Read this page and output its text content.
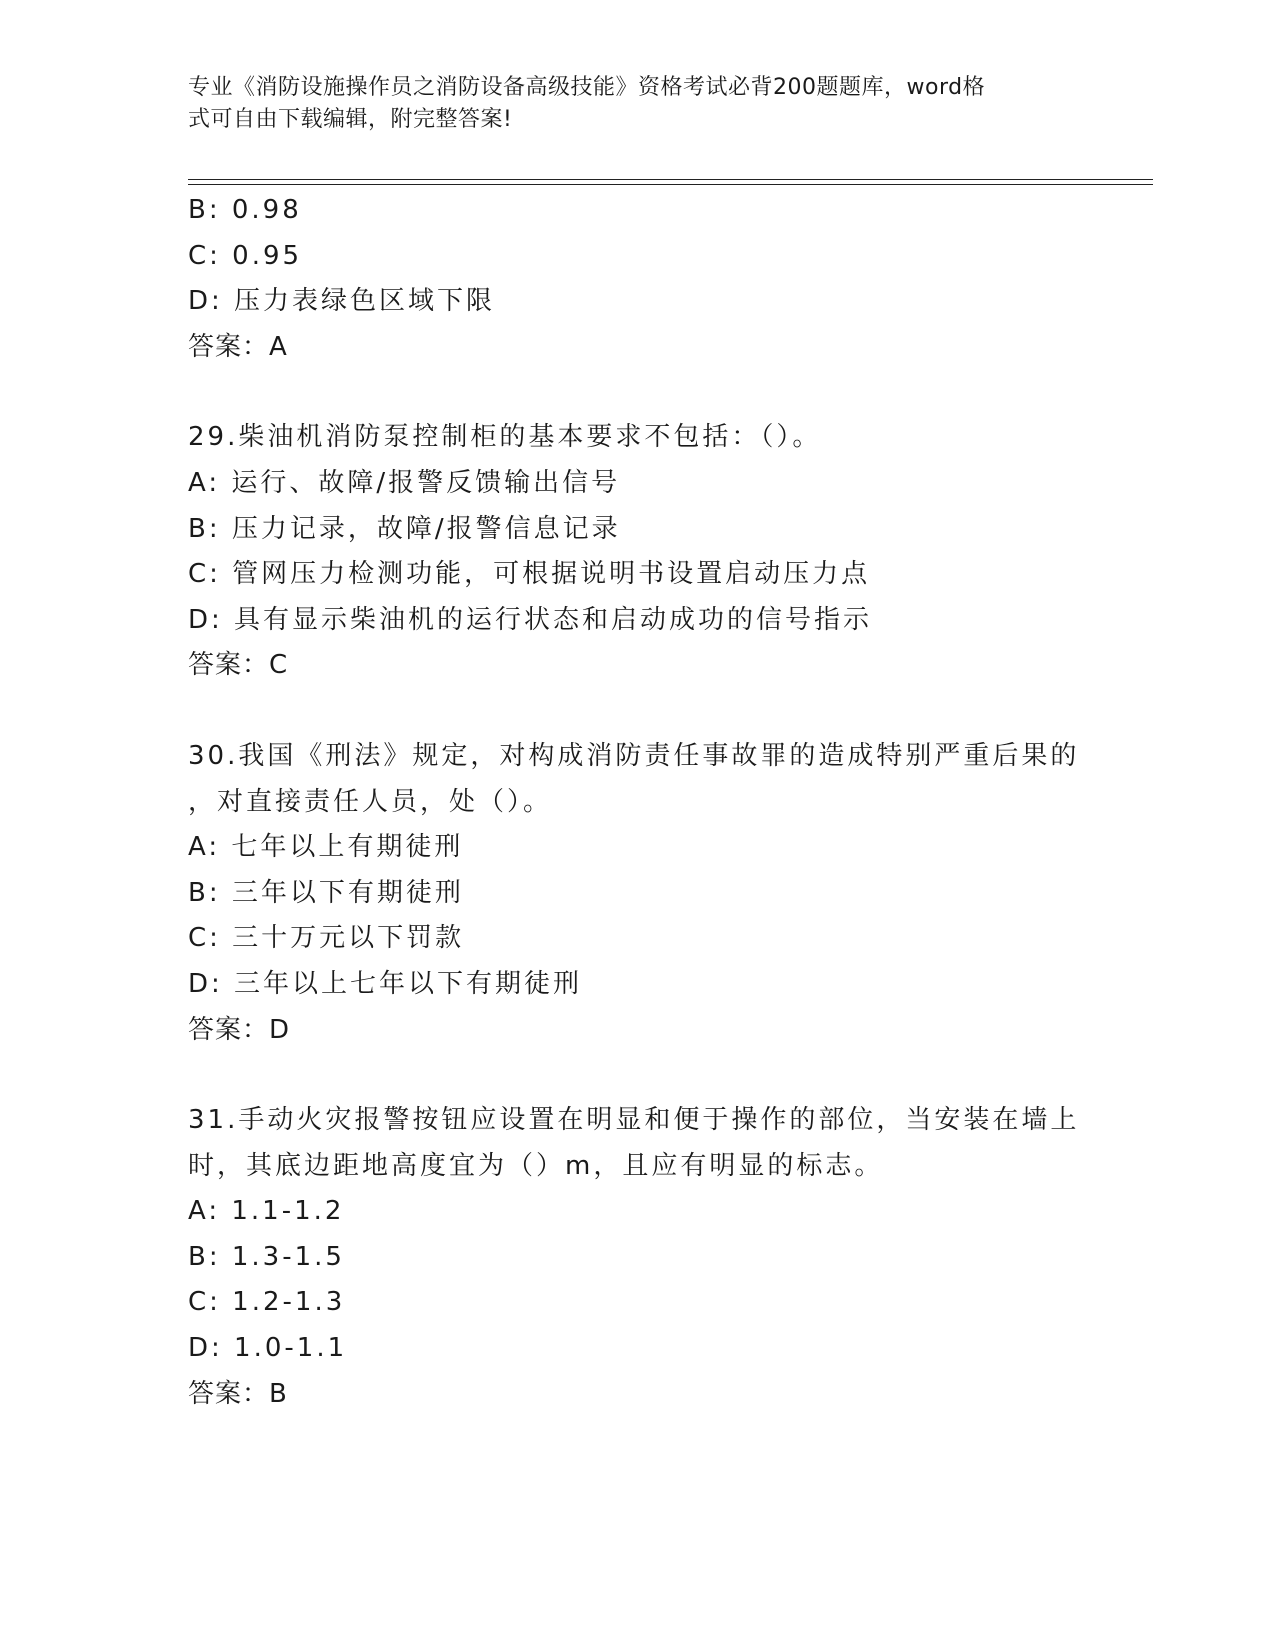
专业《消防设施操作员之消防设备高级技能》资格考试必背200题题库，word格
式可自由下载编辑，附完整答案!
B: 0.98
C: 0.95
D: 压力表绿色区域下限
答案：A
29.柴油机消防泵控制柜的基本要求不包括：（）。
A: 运行、故障/报警反馈输出信号
B: 压力记录，故障/报警信息记录
C: 管网压力检测功能，可根据说明书设置启动压力点
D: 具有显示柴油机的运行状态和启动成功的信号指示
答案：C
30.我国《刑法》规定，对构成消防责任事故罪的造成特别严重后果的
，对直接责任人员，处（）。
A: 七年以上有期徒刑
B: 三年以下有期徒刑
C: 三十万元以下罚款
D: 三年以上七年以下有期徒刑
答案：D
31.手动火灾报警按钮应设置在明显和便于操作的部位，当安装在墙上
时，其底边距地高度宜为（）m，且应有明显的标志。
A: 1.1-1.2
B: 1.3-1.5
C: 1.2-1.3
D: 1.0-1.1
答案：B
